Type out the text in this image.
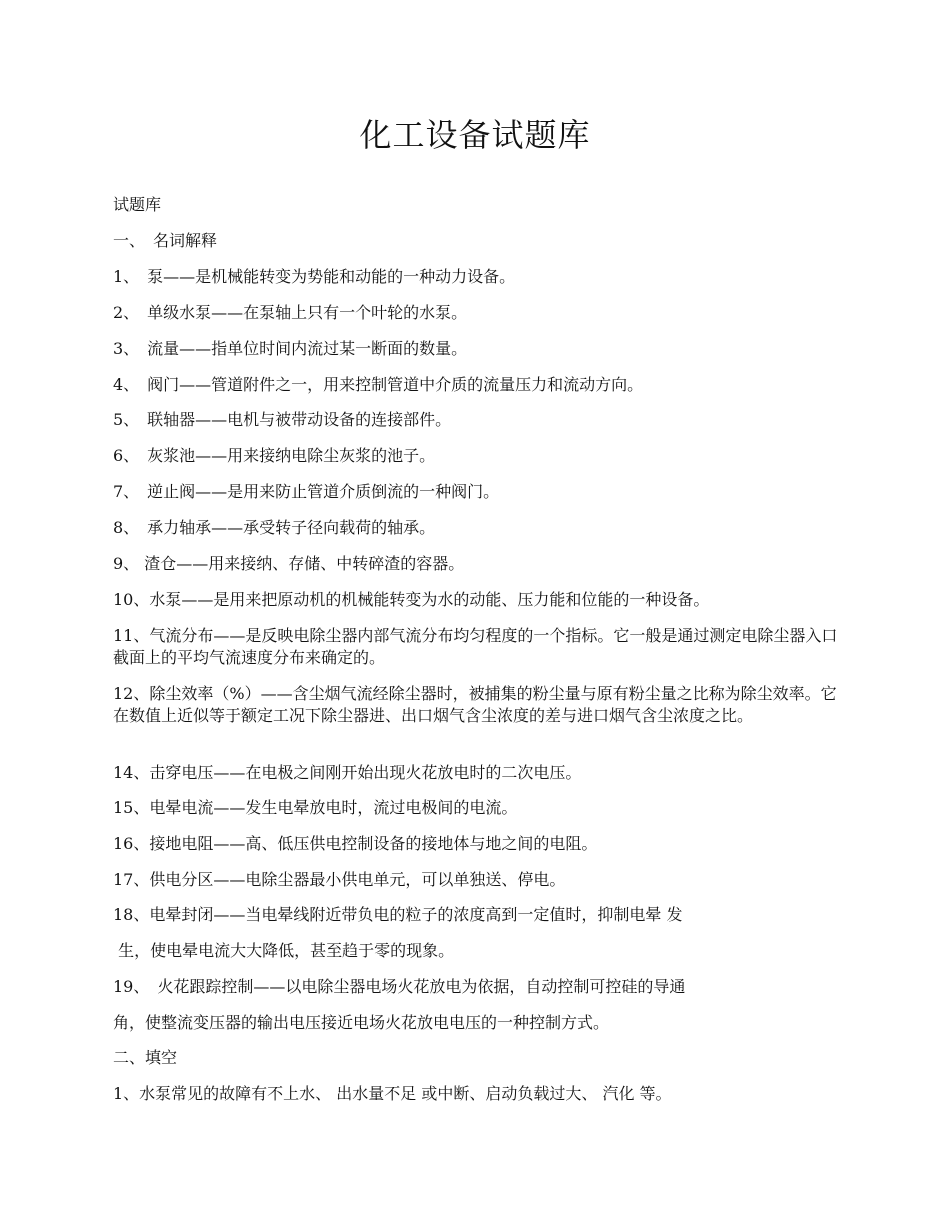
化工设备试题库

试题库

一、　名词解释

1、　泵——是机械能转变为势能和动能的一种动力设备。

2、　单级水泵——在泵轴上只有一个叶轮的水泵。

3、　流量——指单位时间内流过某一断面的数量。

4、　阀门——管道附件之一，用来控制管道中介质的流量压力和流动方向。

5、　联轴器——电机与被带动设备的连接部件。

6、　灰浆池——用来接纳电除尘灰浆的池子。

7、　逆止阀——是用来防止管道介质倒流的一种阀门。

8、　承力轴承——承受转子径向载荷的轴承。

9、 渣仓——用来接纳、存储、中转碎渣的容器。

10、水泵——是用来把原动机的机械能转变为水的动能、压力能和位能的一种设备。

11、气流分布——是反映电除尘器内部气流分布均匀程度的一个指标。它一般是通过测定电除尘器入口截面上的平均气流速度分布来确定的。

12、除尘效率（%）——含尘烟气流经除尘器时，被捕集的粉尘量与原有粉尘量之比称为除尘效率。它在数值上近似等于额定工况下除尘器进、出口烟气含尘浓度的差与进口烟气含尘浓度之比。

14、击穿电压——在电极之间刚开始出现火花放电时的二次电压。

15、电晕电流——发生电晕放电时，流过电极间的电流。

16、接地电阻——高、低压供电控制设备的接地体与地之间的电阻。

17、供电分区——电除尘器最小供电单元，可以单独送、停电。

18、电晕封闭——当电晕线附近带负电的粒子的浓度高到一定值时，抑制电晕 发

生，使电晕电流大大降低，甚至趋于零的现象。

19、　火花跟踪控制——以电除尘器电场火花放电为依据，自动控制可控硅的导通

角，使整流变压器的输出电压接近电场火花放电电压的一种控制方式。

二、填空

1、水泵常见的故障有不上水、 出水量不足 或中断、启动负载过大、 汽化 等。
